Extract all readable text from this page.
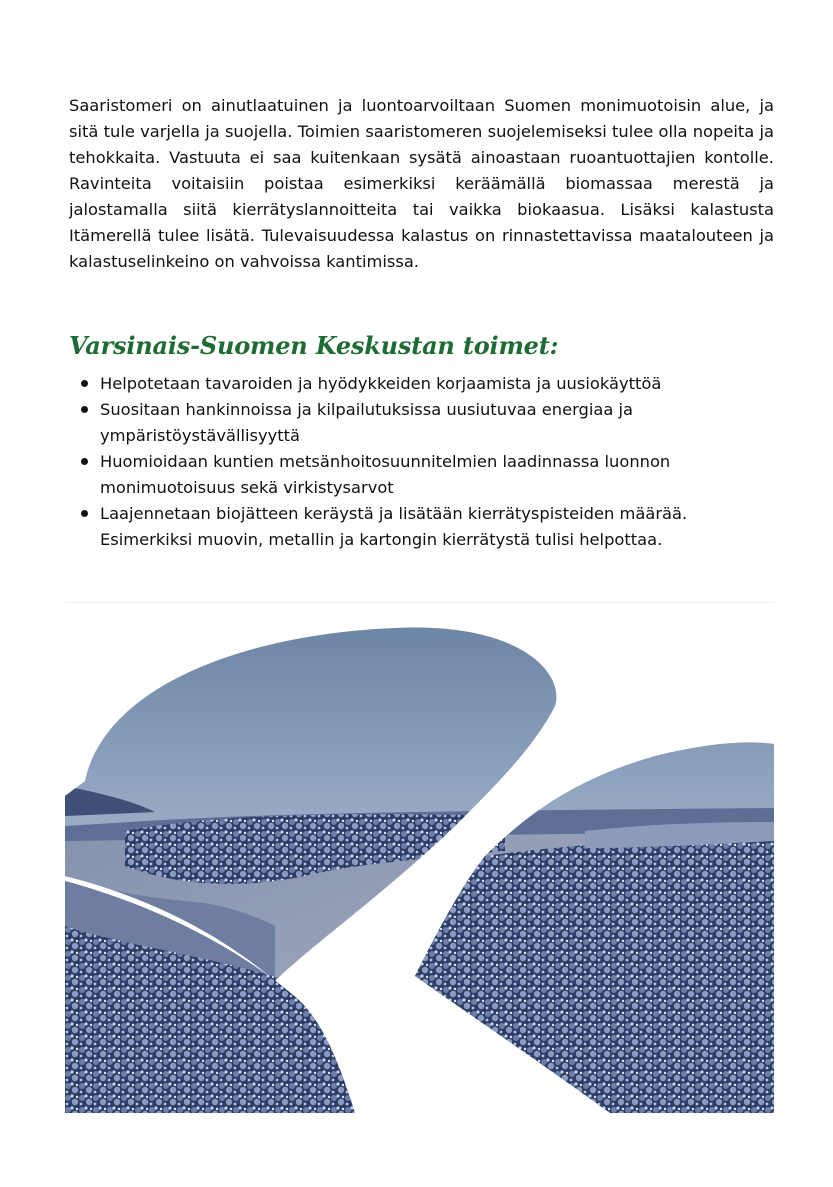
Saaristomeri on ainutlaatuinen ja luontoarvoiltaan Suomen monimuotoisin alue, ja sitä tule varjella ja suojella. Toimien saaristomeren suojelemiseksi tulee olla nopeita ja tehokkaita. Vastuuta ei saa kuitenkaan sysätä ainoastaan ruoantuottajien kontolle. Ravinteita voitaisiin poistaa esimerkiksi keräämällä biomassaa merestä ja jalostamalla siitä kierrätyslannoitteita tai vaikka biokaasua. Lisäksi kalastusta Itämerellä tulee lisätä. Tulevaisuudessa kalastus on rinnastettavissa maatalouteen ja kalastuselinkeino on vahvoissa kantimissa.

Varsinais-Suomen Keskustan toimet:
Helpotetaan tavaroiden ja hyödykkeiden korjaamista ja uusiokäyttöä
Suositaan hankinnoissa ja kilpailutuksissa uusiutuvaa energiaa ja ympäristöystävällisyyttä
Huomioidaan kuntien metsänhoitosuunnitelmien laadinnassa luonnon monimuotoisuus sekä virkistysarvot
Laajennetaan biojätteen keräystä ja lisätään kierrätyspisteiden määrää. Esimerkiksi muovin, metallin ja kartongin kierrätystä tulisi helpottaa.
